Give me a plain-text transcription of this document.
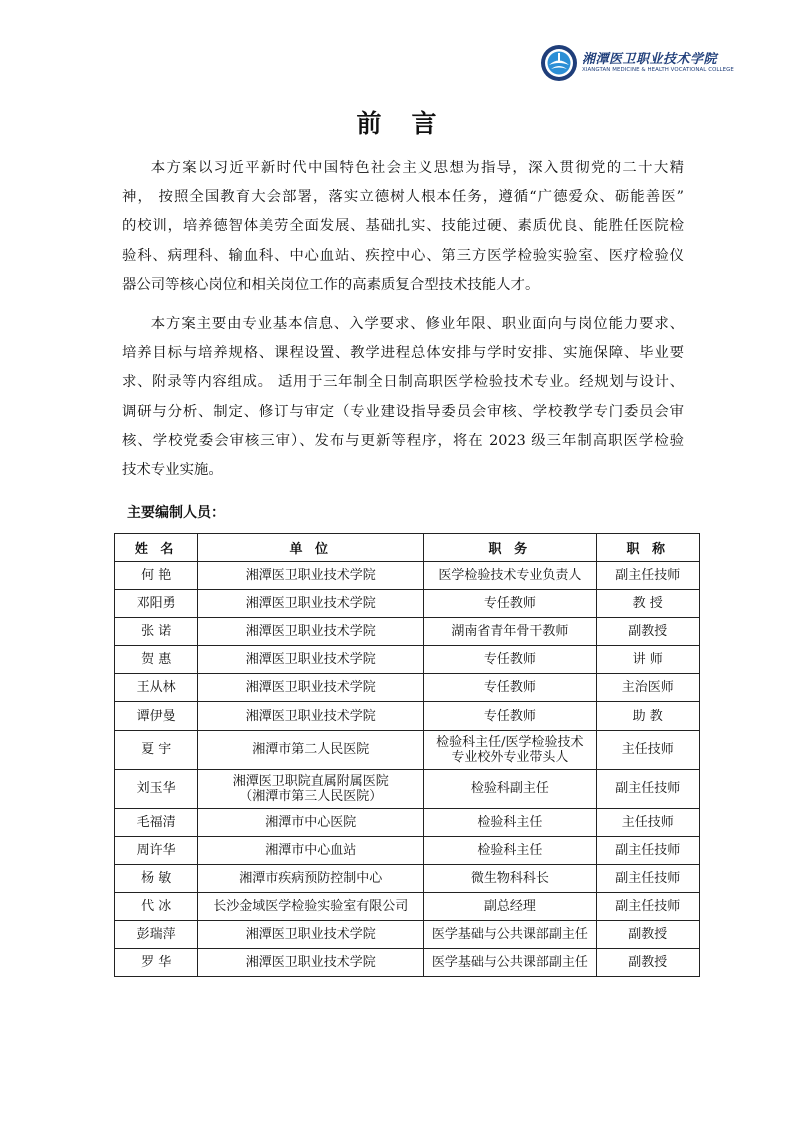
湘潭医卫职业技术学院
XIANGTAN MEDICINE & HEALTH VOCATIONAL COLLEGE
前言
本方案以习近平新时代中国特色社会主义思想为指导，深入贯彻党的二十大精
神， 按照全国教育大会部署，落实立德树人根本任务，遵循“广德爱众、砺能善医”
的校训，培养德智体美劳全面发展、基础扎实、技能过硬、素质优良、能胜任医院检
验科、病理科、输血科、中心血站、疾控中心、第三方医学检验实验室、医疗检验仪
器公司等核心岗位和相关岗位工作的高素质复合型技术技能人才。
本方案主要由专业基本信息、入学要求、修业年限、职业面向与岗位能力要求、
培养目标与培养规格、课程设置、教学进程总体安排与学时安排、实施保障、毕业要
求、附录等内容组成。 适用于三年制全日制高职医学检验技术专业。经规划与设计、
调研与分析、制定、修订与审定（专业建设指导委员会审核、学校教学专门委员会审
核、学校党委会审核三审）、发布与更新等程序，将在 2023 级三年制高职医学检验
技术专业实施。
主要编制人员：
姓 名	单 位	职 务	职 称
何 艳	湘潭医卫职业技术学院	医学检验技术专业负责人	副主任技师
邓阳勇	湘潭医卫职业技术学院	专任教师	教 授
张 诺	湘潭医卫职业技术学院	湖南省青年骨干教师	副教授
贺 惠	湘潭医卫职业技术学院	专任教师	讲 师
王从林	湘潭医卫职业技术学院	专任教师	主治医师
谭伊曼	湘潭医卫职业技术学院	专任教师	助 教
夏 宇	湘潭市第二人民医院	检验科主任/医学检验技术
专业校外专业带头人	主任技师
刘玉华	湘潭医卫职院直属附属医院
（湘潭市第三人民医院）	检验科副主任	副主任技师
毛福清	湘潭市中心医院	检验科主任	主任技师
周许华	湘潭市中心血站	检验科主任	副主任技师
杨 敏	湘潭市疾病预防控制中心	微生物科科长	副主任技师
代 冰	长沙金域医学检验实验室有限公司	副总经理	副主任技师
彭瑞萍	湘潭医卫职业技术学院	医学基础与公共课部副主任	副教授
罗 华	湘潭医卫职业技术学院	医学基础与公共课部副主任	副教授
